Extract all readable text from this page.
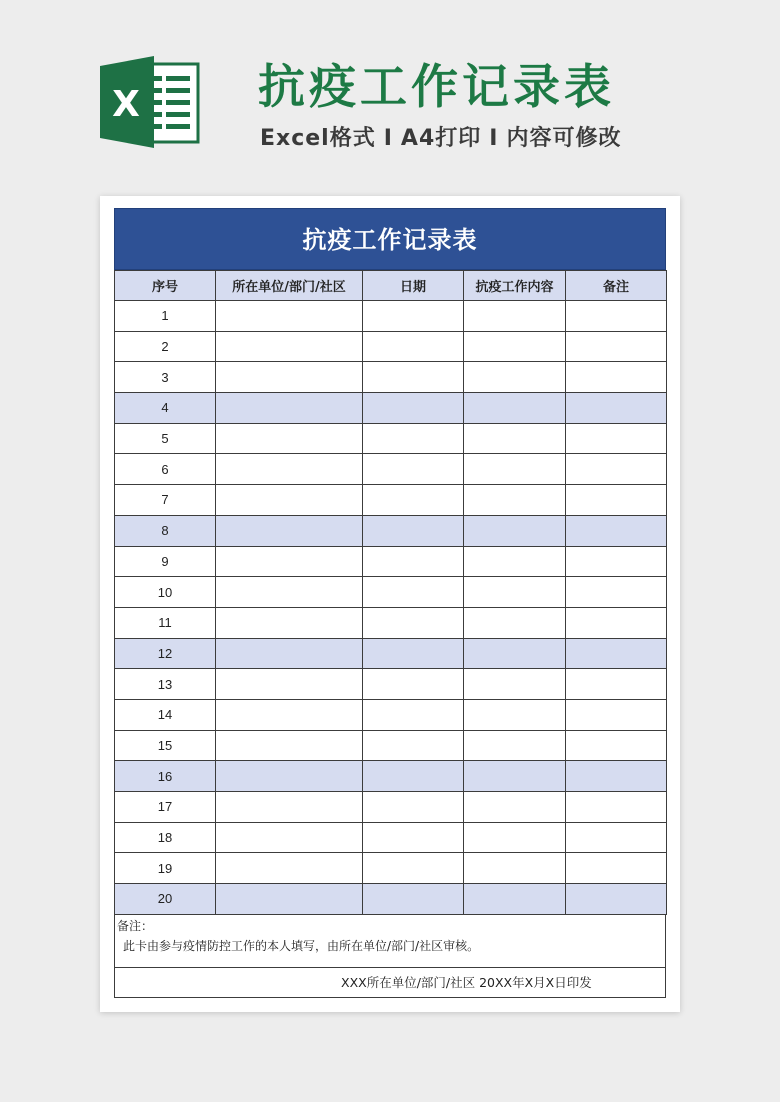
X	抗疫工作记录表
Excel格式 I A4打印 I 内容可修改
抗疫工作记录表
序号	所在单位/部门/社区	日期	抗疫工作内容	备注
1				
2				
3				
4				
5				
6				
7				
8				
9				
10				
11				
12				
13				
14				
15				
16				
17				
18				
19				
20				
备注：
此卡由参与疫情防控工作的本人填写，由所在单位/部门/社区审核。
XXX所在单位/部门/社区 20XX年X月X日印发
